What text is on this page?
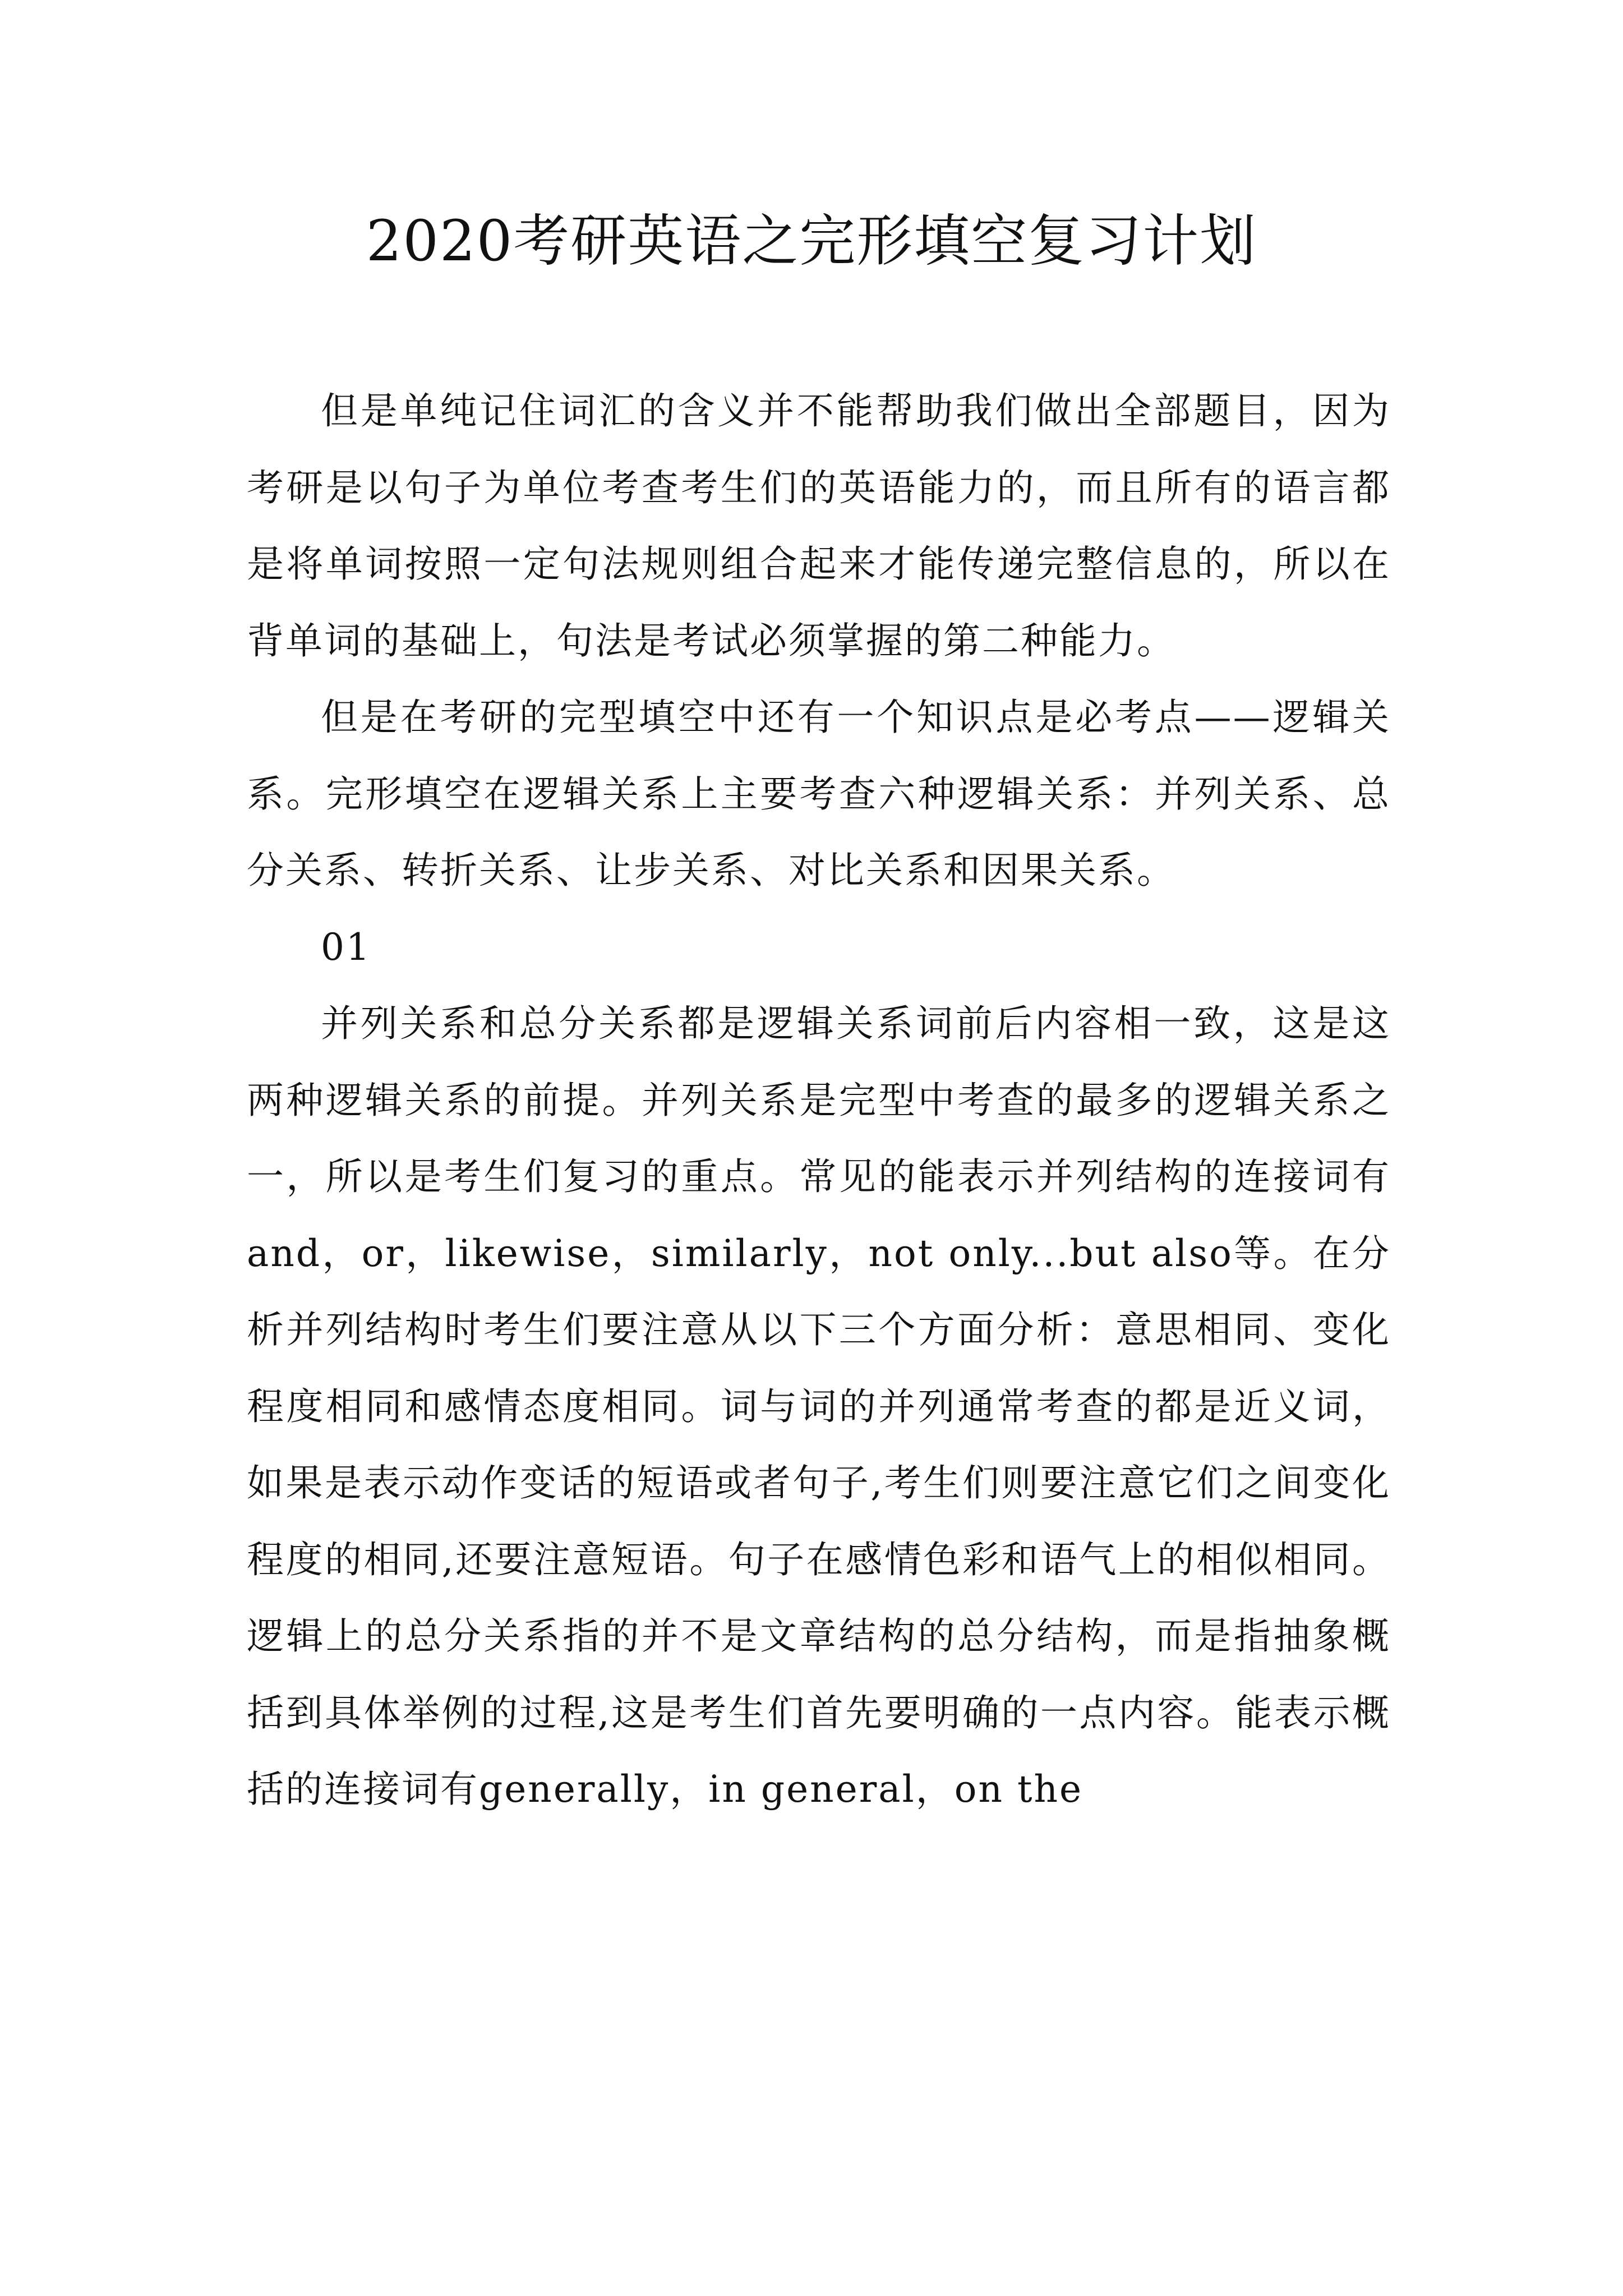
2020考研英语之完形填空复习计划

但是单纯记住词汇的含义并不能帮助我们做出全部题目，因为考研是以句子为单位考查考生们的英语能力的，而且所有的语言都是将单词按照一定句法规则组合起来才能传递完整信息的，所以在背单词的基础上，句法是考试必须掌握的第二种能力。

但是在考研的完型填空中还有一个知识点是必考点——逻辑关系。完形填空在逻辑关系上主要考查六种逻辑关系：并列关系、总分关系、转折关系、让步关系、对比关系和因果关系。

01

并列关系和总分关系都是逻辑关系词前后内容相一致，这是这两种逻辑关系的前提。并列关系是完型中考查的最多的逻辑关系之一，所以是考生们复习的重点。常见的能表示并列结构的连接词有and，or，likewise，similarly，not only...but also等。在分析并列结构时考生们要注意从以下三个方面分析：意思相同、变化程度相同和感情态度相同。词与词的并列通常考查的都是近义词，如果是表示动作变话的短语或者句子,考生们则要注意它们之间变化程度的相同,还要注意短语。句子在感情色彩和语气上的相似相同。逻辑上的总分关系指的并不是文章结构的总分结构，而是指抽象概括到具体举例的过程,这是考生们首先要明确的一点内容。能表示概括的连接词有generally，in general，on the
